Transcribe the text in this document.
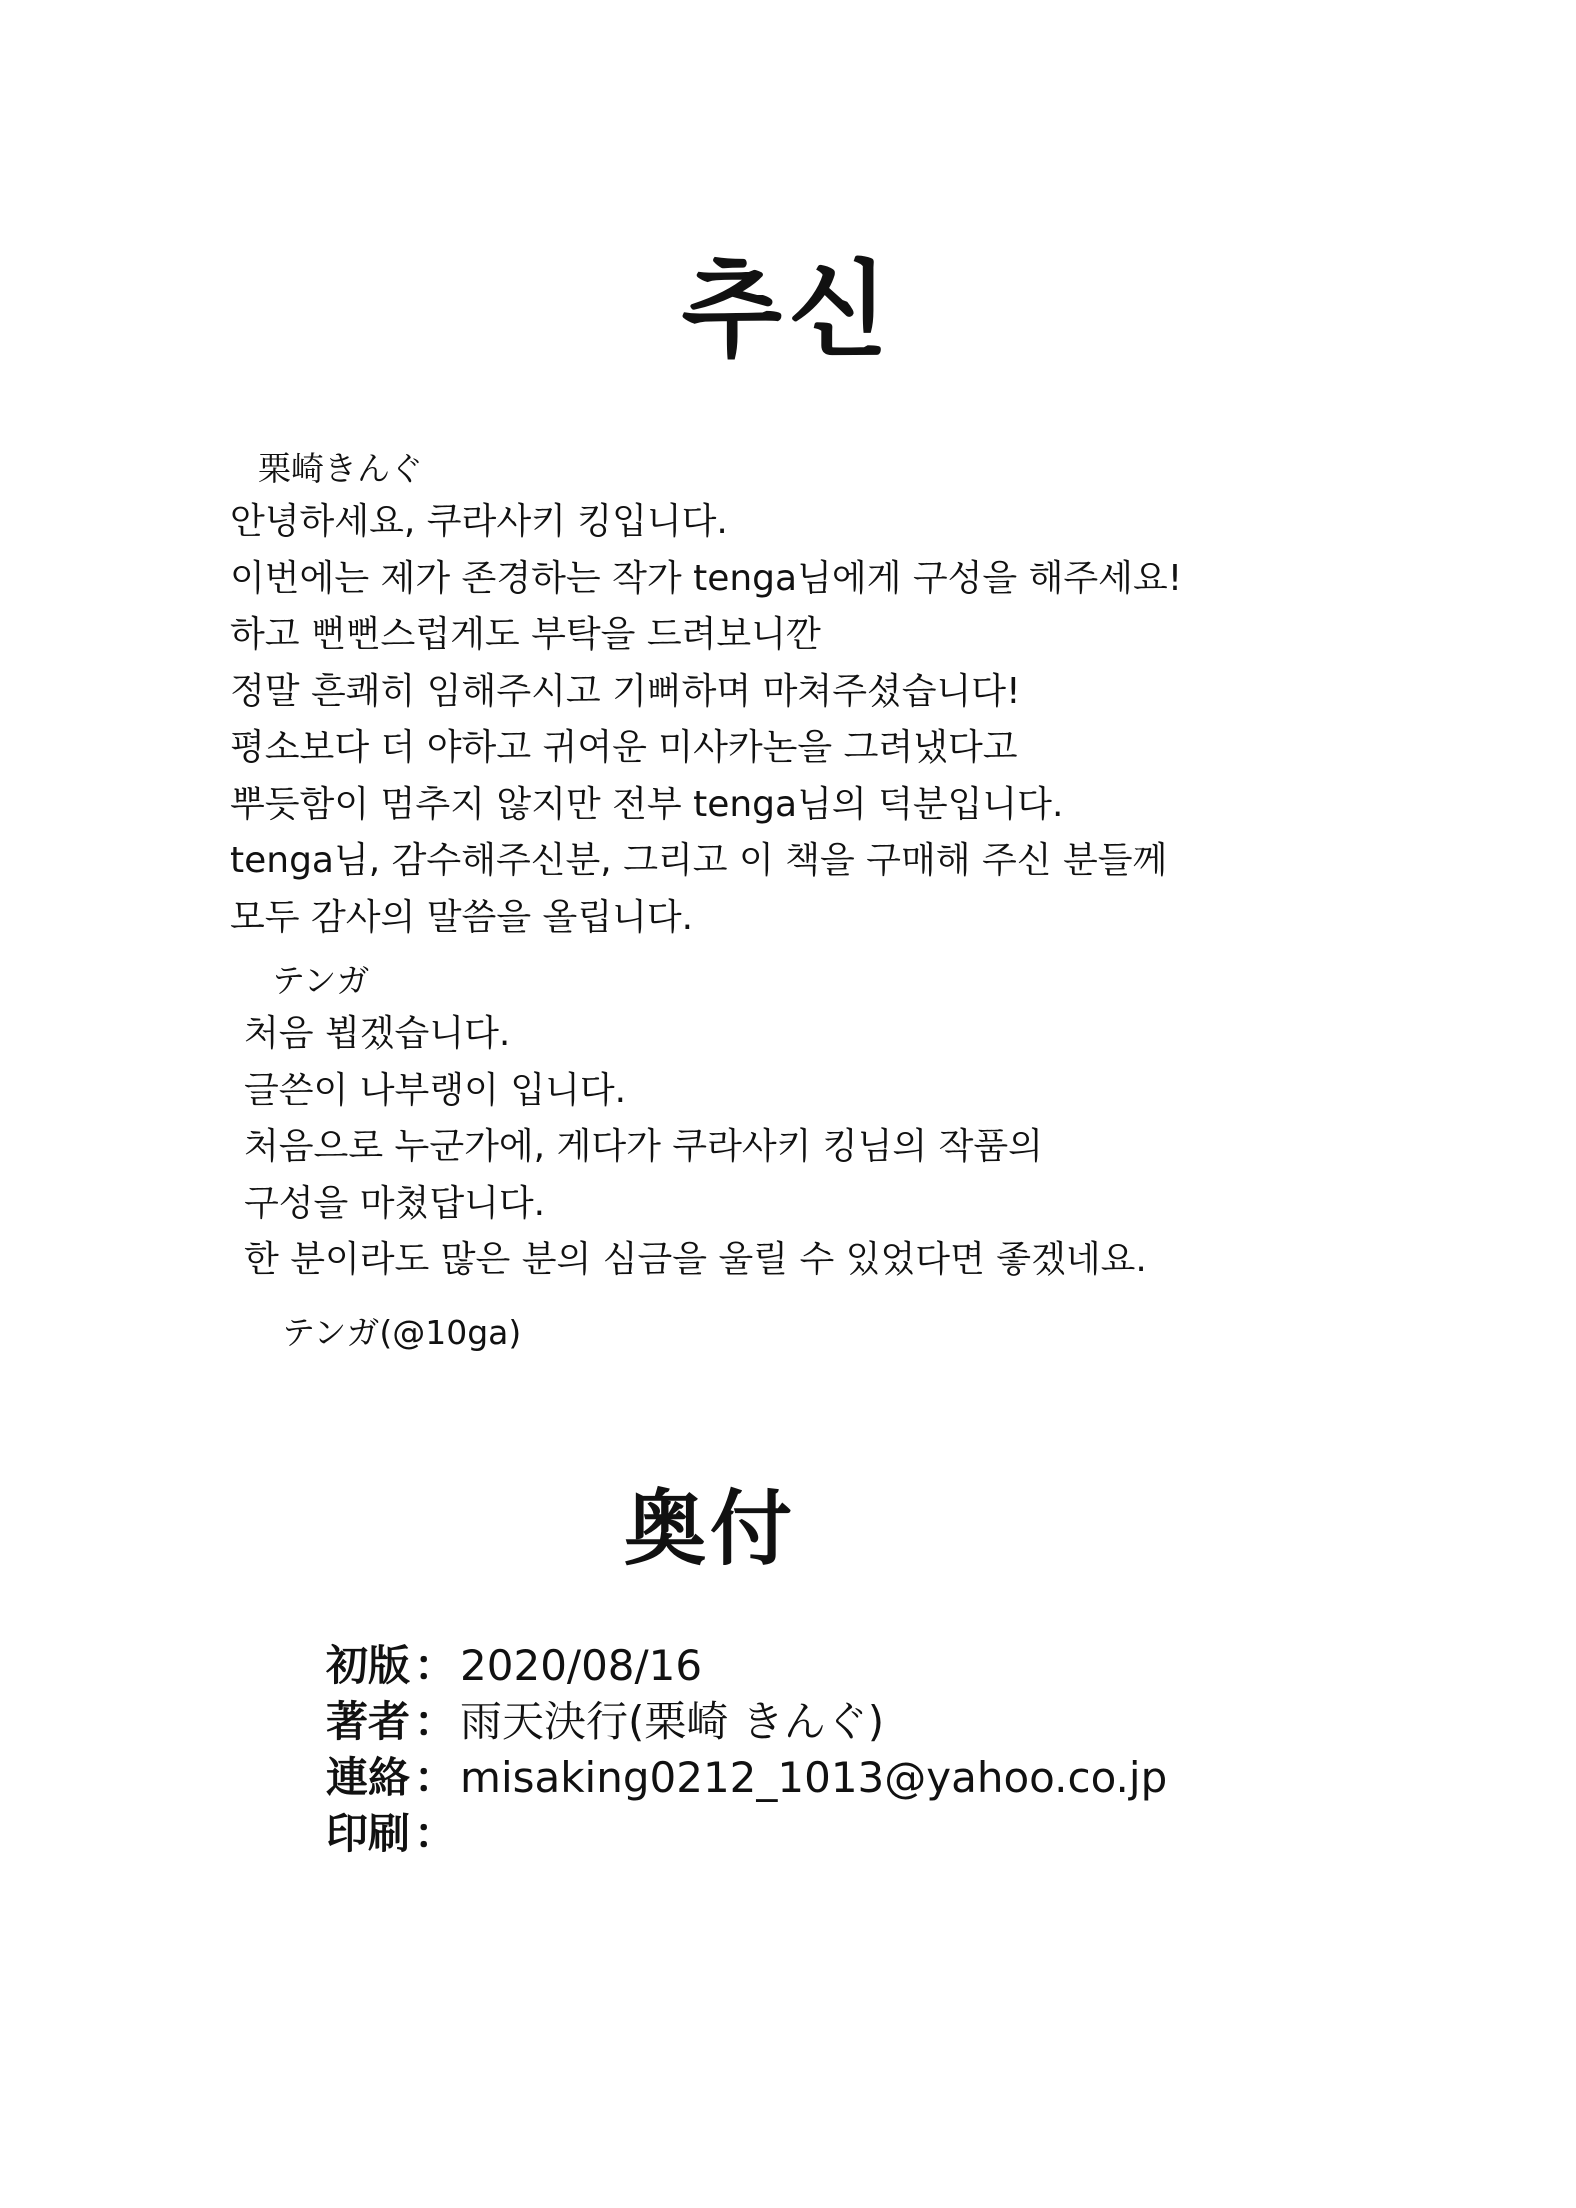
추신
栗崎きんぐ
안녕하세요, 쿠라사키 킹입니다.
이번에는 제가 존경하는 작가 tenga님에게 구성을 해주세요!
하고 뻔뻔스럽게도 부탁을 드려보니깐
정말 흔쾌히 임해주시고 기뻐하며 마쳐주셨습니다!
평소보다 더 야하고 귀여운 미사카논을 그려냈다고
뿌듯함이 멈추지 않지만 전부 tenga님의 덕분입니다.
tenga님, 감수해주신분, 그리고 이 책을 구매해 주신 분들께
모두 감사의 말씀을 올립니다.
テンガ
처음 뵙겠습니다.
글쓴이 나부랭이 입니다.
처음으로 누군가에, 게다가 쿠라사키 킹님의 작품의
구성을 마쳤답니다.
한 분이라도 많은 분의 심금을 울릴 수 있었다면 좋겠네요.
テンガ(@10ga)
奥付
初版：2020/08/16
著者：雨天決行(栗崎 きんぐ)
連絡：misaking0212_1013@yahoo.co.jp
印刷：
